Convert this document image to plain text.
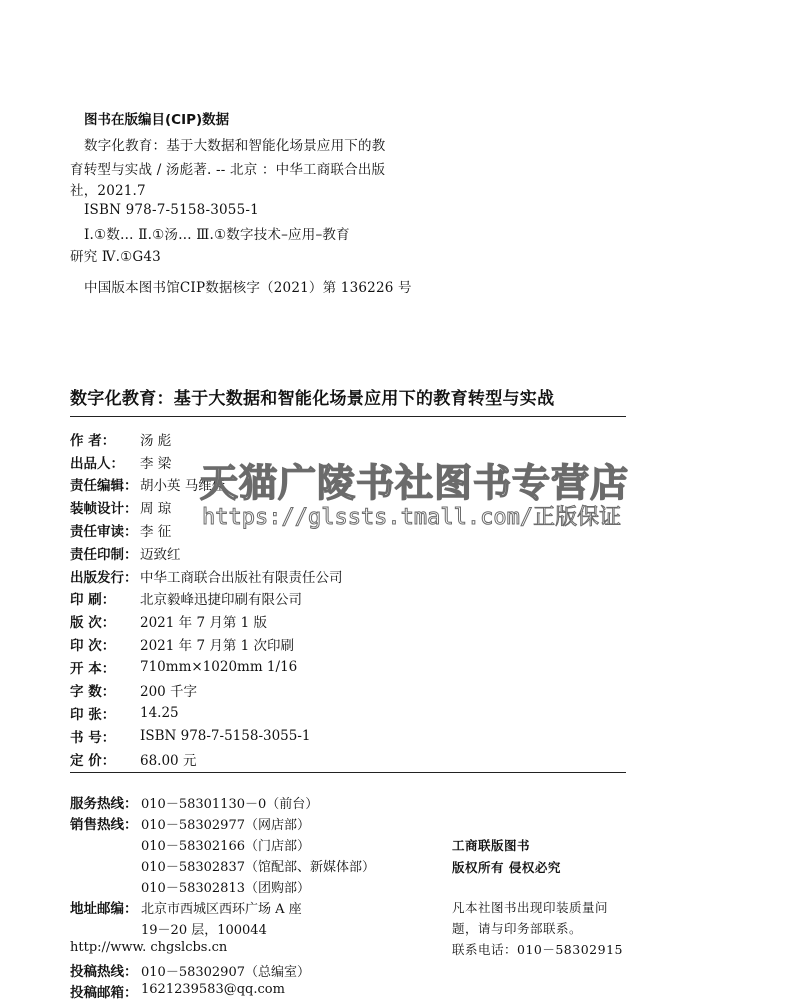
图书在版编目(CIP)数据
数字化教育：基于大数据和智能化场景应用下的教
育转型与实战 / 汤彪著. -- 北京 ：中华工商联合出版
社，2021.7
ISBN 978-7-5158-3055-1
Ⅰ.①数… Ⅱ.①汤… Ⅲ.①数字技术–应用–教育
研究 Ⅳ.①G43
中国版本图书馆CIP数据核字（2021）第 136226 号
数字化教育：基于大数据和智能化场景应用下的教育转型与实战
作 者：	汤 彪
出品人：	李 梁
责任编辑： 胡小英 马维佳
装帧设计： 周 琼
责任审读： 李 征
责任印制： 迈致红
出版发行： 中华工商联合出版社有限责任公司
印 刷：	北京毅峰迅捷印刷有限公司
版 次：	2021 年 7 月第 1 版
印 次：	2021 年 7 月第 1 次印刷
开 本：	710mm×1020mm 1/16
字 数：	200 千字
印 张：	14.25
书 号：	ISBN 978-7-5158-3055-1
定 价：	68.00 元
服务热线： 010－58301130－0（前台）
销售热线： 010－58302977（网店部）
010－58302166（门店部）
010－58302837（馆配部、新媒体部）
010－58302813（团购部）
地址邮编： 北京市西城区西环广场 A 座
19－20 层，100044
http://www. chgslcbs.cn
投稿热线： 010－58302907（总编室）
投稿邮箱： 1621239583@qq.com
工商联版图书
版权所有 侵权必究
凡本社图书出现印装质量问
题，请与印务部联系。
联系电话：010－58302915
天猫广陵书社图书专营店
https://glssts.tmall.com/正版保证
